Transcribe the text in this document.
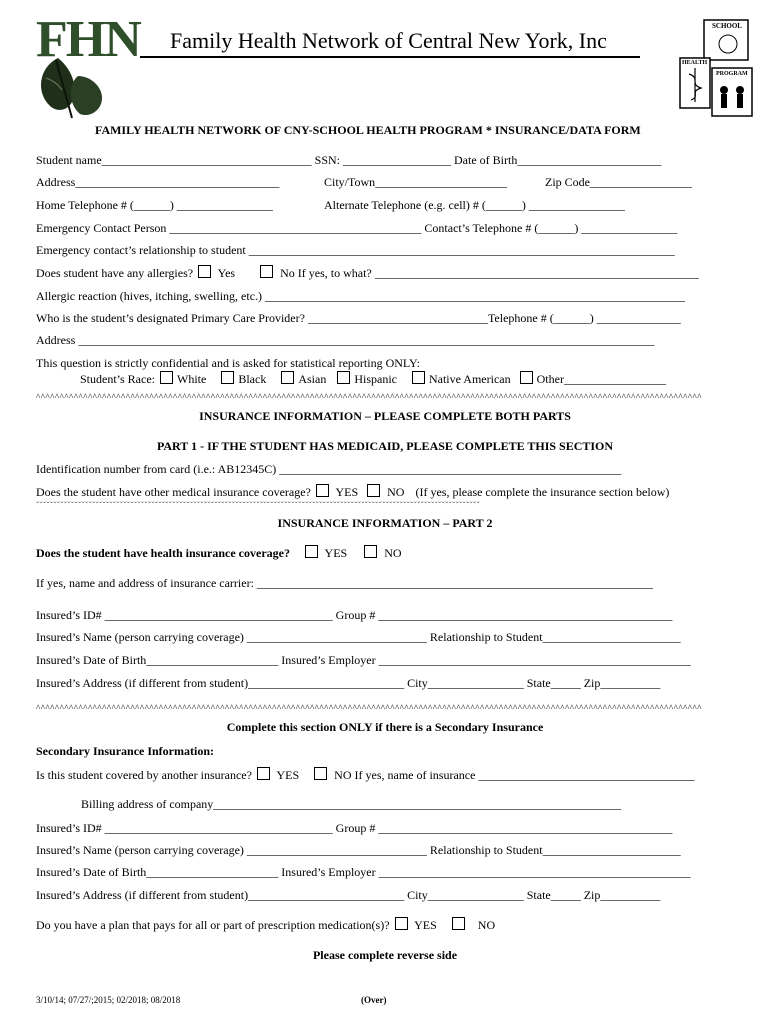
FHN Family Health Network of Central New York, Inc
SCHOOL
HEALTH
PROGRAM
FAMILY HEALTH NETWORK OF CNY-SCHOOL HEALTH PROGRAM * INSURANCE/DATA FORM
Student name___________________________________ SSN: __________________ Date of Birth________________________
Address__________________________________	City/Town______________________	Zip Code_________________
Home Telephone # (______) ________________	Alternate Telephone (e.g. cell) # (______) ________________
Emergency Contact Person __________________________________________ Contact’s Telephone # (______) ________________
Emergency contact’s relationship to student _______________________________________________________________________
Does student have any allergies? Yes	No If yes, to what? ______________________________________________________
Allergic reaction (hives, itching, swelling, etc.) ______________________________________________________________________
Who is the student’s designated Primary Care Provider? ______________________________Telephone # (______) ______________
Address ________________________________________________________________________________________________
This question is strictly confidential and is asked for statistical reporting ONLY:
Student’s Race: White	Black	Asian Hispanic	Native American Other_________________
^^^^^^^^^^^^^^^^^^^^^^^^^^^^^^^^^^^^^^^^^^^^^^^^^^^^^^^^^^^^^^^^^^^^^^^^^^^^^^^^^^^^^^^^^^^^^^^^^^^^^^^^^^^^^^^^^^^^^^^^^^^^^^^^^^^^^^^^^^^^^
INSURANCE INFORMATION – PLEASE COMPLETE BOTH PARTS
PART 1 - IF THE STUDENT HAS MEDICAID, PLEASE COMPLETE THIS SECTION
Identification number from card (i.e.: AB12345C) _________________________________________________________
Does the student have other medical insurance coverage? YES NO (If yes, please complete the insurance section below)
ˇˇˇˇˇˇˇˇˇˇˇˇˇˇˇˇˇˇˇˇˇˇˇˇˇˇˇˇˇˇˇˇˇˇˇˇˇˇˇˇˇˇˇˇˇˇˇˇˇˇˇˇˇˇˇˇˇˇˇˇˇˇˇˇˇˇˇˇˇˇˇˇˇˇˇˇˇˇˇˇˇˇˇˇˇˇˇˇˇˇˇˇˇˇˇˇˇˇˇˇˇˇˇˇˇˇˇˇˇˇˇˇˇˇˇˇˇˇˇˇˇˇˇˇˇˇˇ
INSURANCE INFORMATION – PART 2
Does the student have health insurance coverage?	YES	NO
If yes, name and address of insurance carrier: __________________________________________________________________
Insured’s ID# ______________________________________ Group # _________________________________________________
Insured’s Name (person carrying coverage) ______________________________ Relationship to Student_______________________
Insured’s Date of Birth______________________ Insured’s Employer ____________________________________________________
Insured’s Address (if different from student)__________________________ City________________ State_____ Zip__________
^^^^^^^^^^^^^^^^^^^^^^^^^^^^^^^^^^^^^^^^^^^^^^^^^^^^^^^^^^^^^^^^^^^^^^^^^^^^^^^^^^^^^^^^^^^^^^^^^^^^^^^^^^^^^^^^^^^^^^^^^^^^^^^^^^^^^^^^^^^^^
Complete this section ONLY if there is a Secondary Insurance
Secondary Insurance Information:
Is this student covered by another insurance? YES	NO If yes, name of insurance ____________________________________
Billing address of company____________________________________________________________________
Insured’s ID# ______________________________________ Group # _________________________________________________
Insured’s Name (person carrying coverage) ______________________________ Relationship to Student_______________________
Insured’s Date of Birth______________________ Insured’s Employer ____________________________________________________
Insured’s Address (if different from student)__________________________ City________________ State_____ Zip__________
Do you have a plan that pays for all or part of prescription medication(s)? YES	NO
Please complete reverse side
3/10/14; 07/27/;2015; 02/2018; 08/2018	(Over)
